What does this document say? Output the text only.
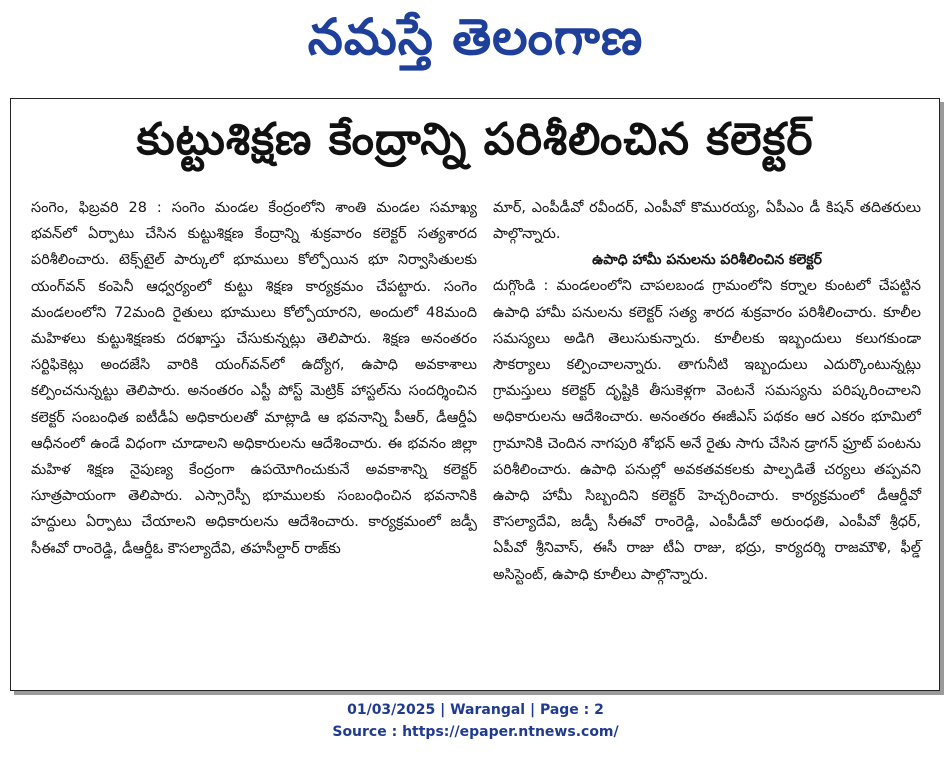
నమస్తే తెలంగాణ
కుట్టుశిక్షణ కేంద్రాన్ని పరిశీలించిన కలెక్టర్

సంగెం, ఫిబ్రవరి 28 : సంగెం మండల కేంద్రంలోని శాంతి మండల సమాఖ్య భవన్‌లో ఏర్పాటు చేసిన కుట్టుశిక్షణ కేంద్రాన్ని శుక్రవారం కలెక్టర్ సత్యశారద పరిశీలించారు. టెక్స్‌టైల్ పార్కులో భూములు కోల్పోయిన భూ నిర్వాసితులకు యంగ్‌వన్ కంపెనీ ఆధ్వర్యంలో కుట్టు శిక్షణ కార్యక్రమం చేపట్టారు. సంగెం మండలంలోని 72మంది రైతులు భూములు కోల్పోయారని, అందులో 48మంది మహిళలు కుట్టుశిక్షణకు దరఖాస్తు చేసుకున్నట్లు తెలిపారు. శిక్షణ అనంతరం సర్టిఫికెట్లు అందజేసి వారికి యంగ్‌వన్‌లో ఉద్యోగ, ఉపాధి అవకాశాలు కల్పించనున్నట్టు తెలిపారు. అనంతరం ఎస్టీ పోస్ట్ మెట్రిక్ హాస్టల్‌ను సందర్శించిన కలెక్టర్ సంబంధిత ఐటీడీఏ అధికారులతో మాట్లాడి ఆ భవనాన్ని పీఆర్, డీఆర్డీఏ ఆధీనంలో ఉండే విధంగా చూడాలని అధికారులను ఆదేశించారు. ఈ భవనం జిల్లా మహిళ శిక్షణ నైపుణ్య కేంద్రంగా ఉపయోగించుకునే అవకాశాన్ని కలెక్టర్ సూత్రపాయంగా తెలిపారు. ఎస్సారెస్పీ భూములకు సంబంధించిన భవనానికి హద్దులు ఏర్పాటు చేయాలని అధికారులను ఆదేశించారు. కార్యక్రమంలో జడ్పీ సీఈవో రాంరెడ్డి, డీఆర్డీఓ కౌసల్యాదేవి, తహసీల్దార్ రాజ్‌కు

మార్, ఎంపీడీవో రవీందర్, ఎంపీవో కొమురయ్య, ఏపీఎం డీ కిషన్ తదితరులు పాల్గొన్నారు.

ఉపాధి హామీ పనులను పరిశీలించిన కలెక్టర్

దుగ్గొండి : మండలంలోని చాపలబండ గ్రామంలోని కర్నాల కుంటలో చేపట్టిన ఉపాధి హామీ పనులను కలెక్టర్ సత్య శారద శుక్రవారం పరిశీలించారు. కూలీల సమస్యలు అడిగి తెలుసుకున్నారు. కూలీలకు ఇబ్బందులు కలుగకుండా సౌకర్యాలు కల్పించాలన్నారు. తాగునీటి ఇబ్బందులు ఎదుర్కొంటున్నట్లు గ్రామస్తులు కలెక్టర్ దృష్టికి తీసుకెళ్లగా వెంటనే సమస్యను పరిష్కరించాలని అధికారులను ఆదేశించారు. అనంతరం ఈజీఎస్ పథకం ఆర ఎకరం భూమిలో గ్రామానికి చెందిన నాగపురి శోభన్ అనే రైతు సాగు చేసిన డ్రాగన్ ఫ్రూట్ పంటను పరిశీలించారు. ఉపాధి పనుల్లో అవకతవకలకు పాల్పడితే చర్యలు తప్పవని ఉపాధి హామీ సిబ్బందిని కలెక్టర్ హెచ్చరించారు. కార్యక్రమంలో డీఆర్డీవో కౌసల్యాదేవి, జడ్పీ సీఈవో రాంరెడ్డి, ఎంపీడీవో అరుంధతి, ఎంపీవో శ్రీధర్, ఏపీవో శ్రీనివాస్, ఈసీ రాజు టీఏ రాజు, భద్రు, కార్యదర్శి రాజమౌళి, ఫీల్డ్ అసిస్టెంట్, ఉపాధి కూలీలు పాల్గొన్నారు.

01/03/2025 | Warangal | Page : 2
Source : https://epaper.ntnews.com/
